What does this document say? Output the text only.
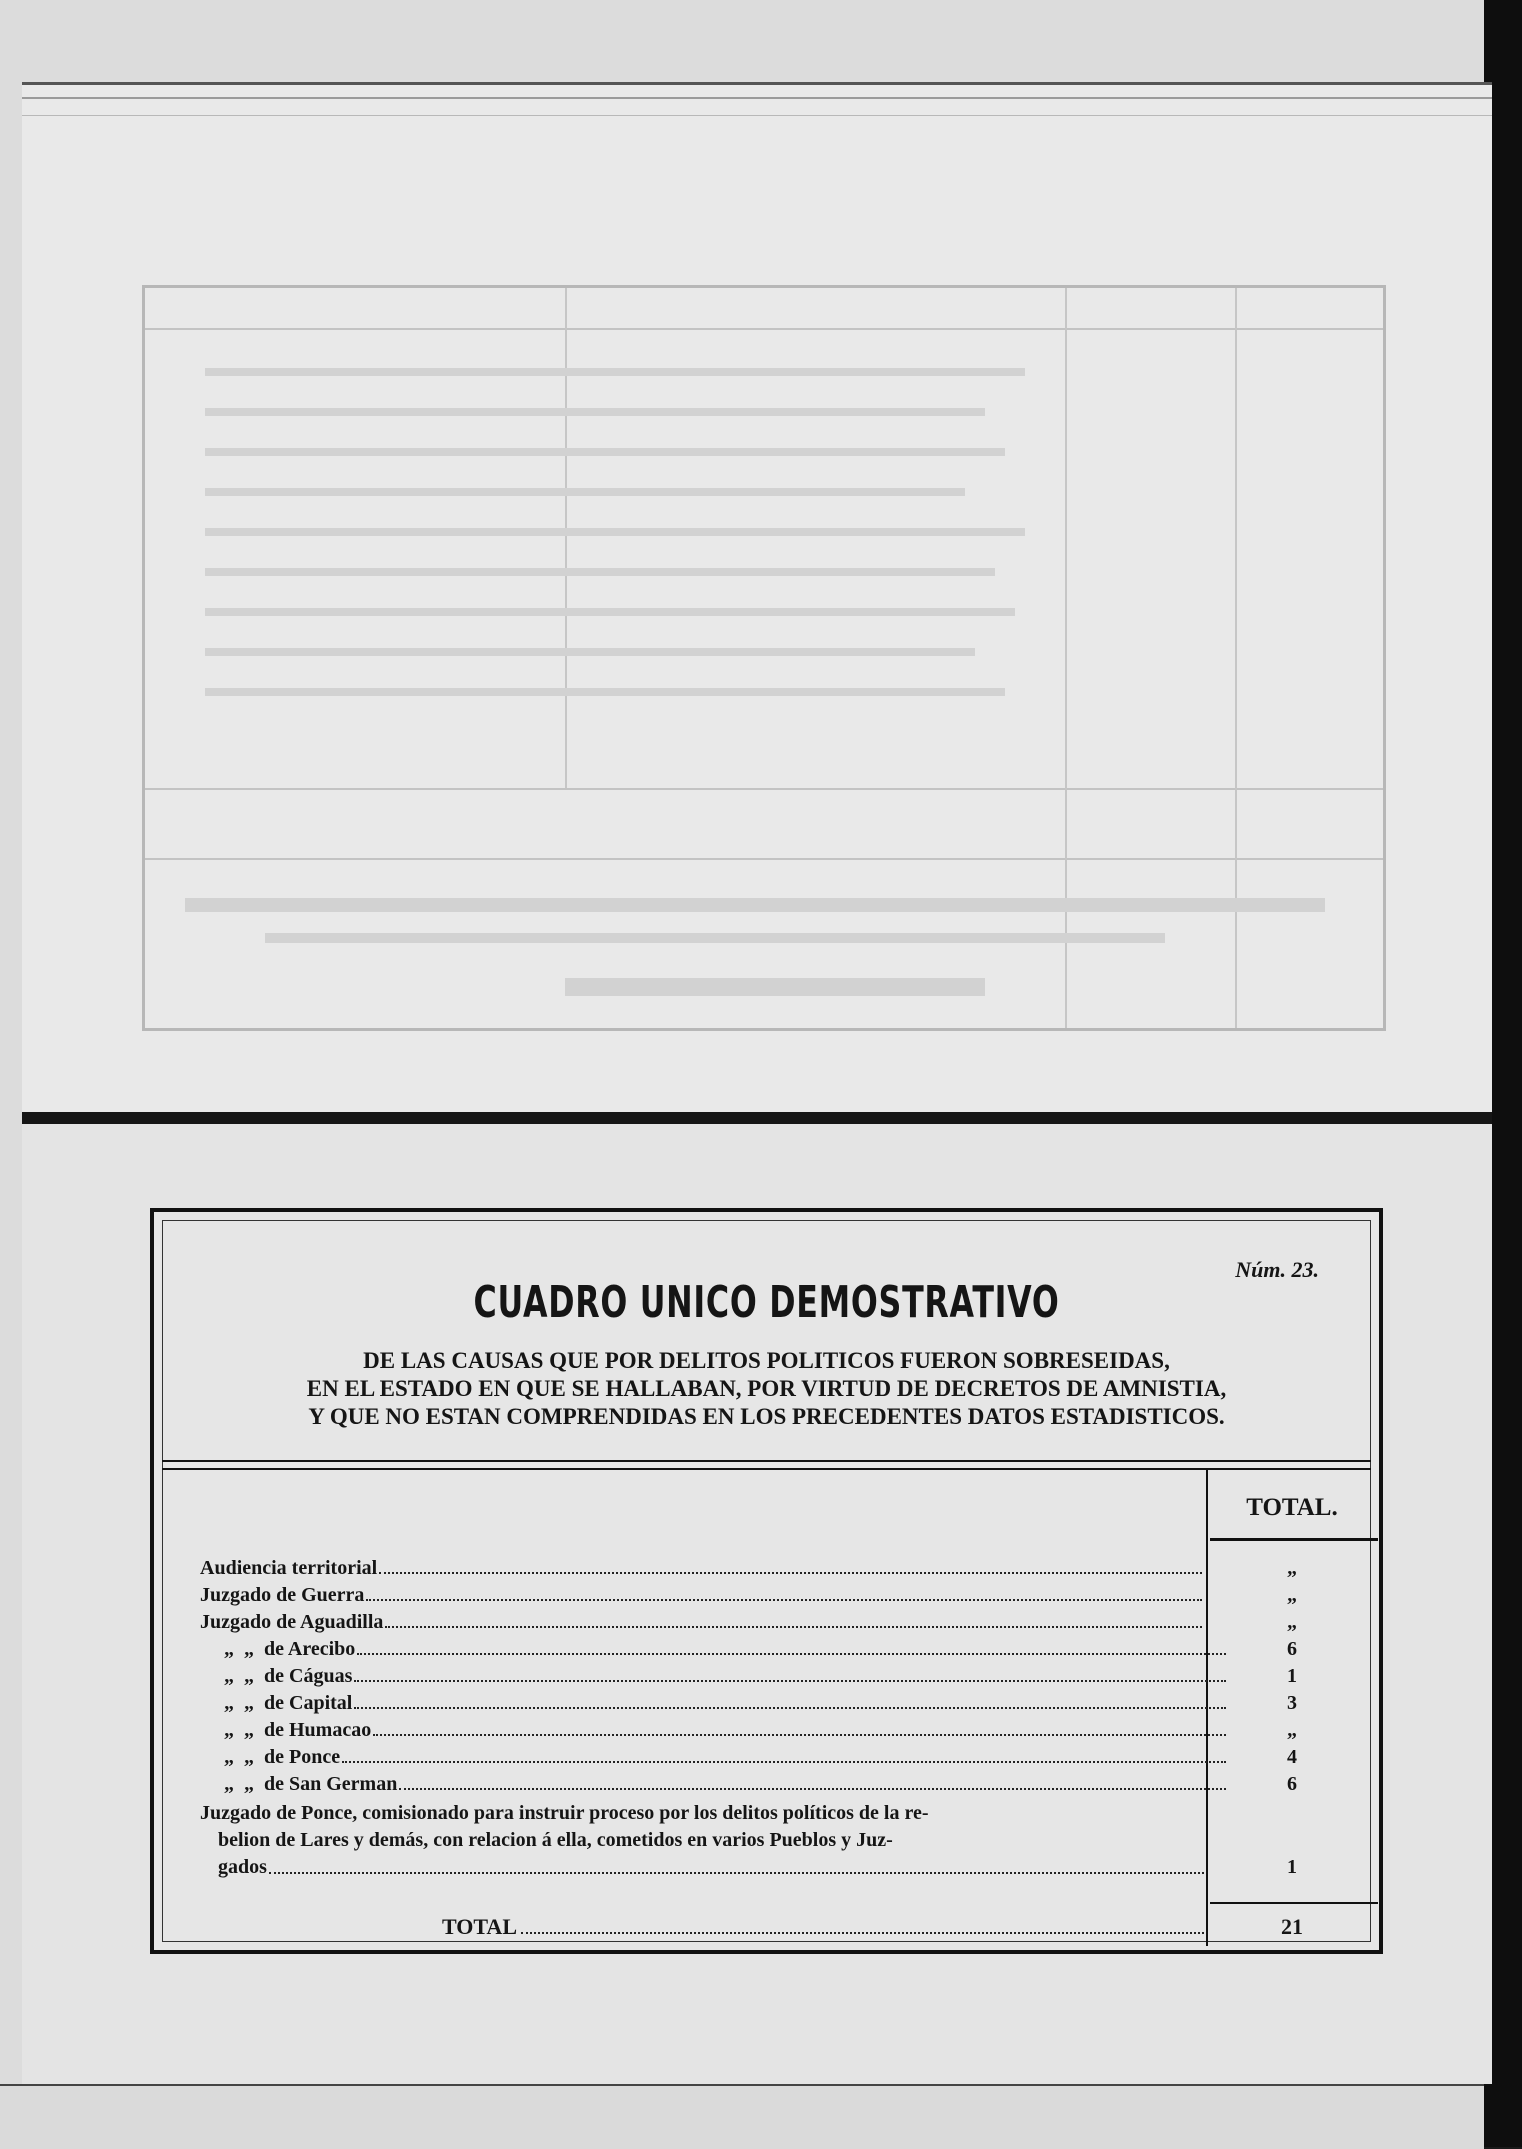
Núm. 23.
CUADRO UNICO DEMOSTRATIVO
DE LAS CAUSAS QUE POR DELITOS POLITICOS FUERON SOBRESEIDAS,
EN EL ESTADO EN QUE SE HALLABAN, POR VIRTUD DE DECRETOS DE AMNISTIA,
Y QUE NO ESTAN COMPRENDIDAS EN LOS PRECEDENTES DATOS ESTADISTICOS.
TOTAL.
Audiencia territorial	„
Juzgado de Guerra	„
Juzgado de Aguadilla	„
„  „  de Arecibo	6
„  „  de Cáguas	1
„  „  de Capital	3
„  „  de Humacao	„
„  „  de Ponce	4
„  „  de San German	6
Juzgado de Ponce, comisionado para instruir proceso por los delitos políticos de la re-
belion de Lares y demás, con relacion á ella, cometidos en varios Pueblos y Juz-
gados	1
TOTAL	21
